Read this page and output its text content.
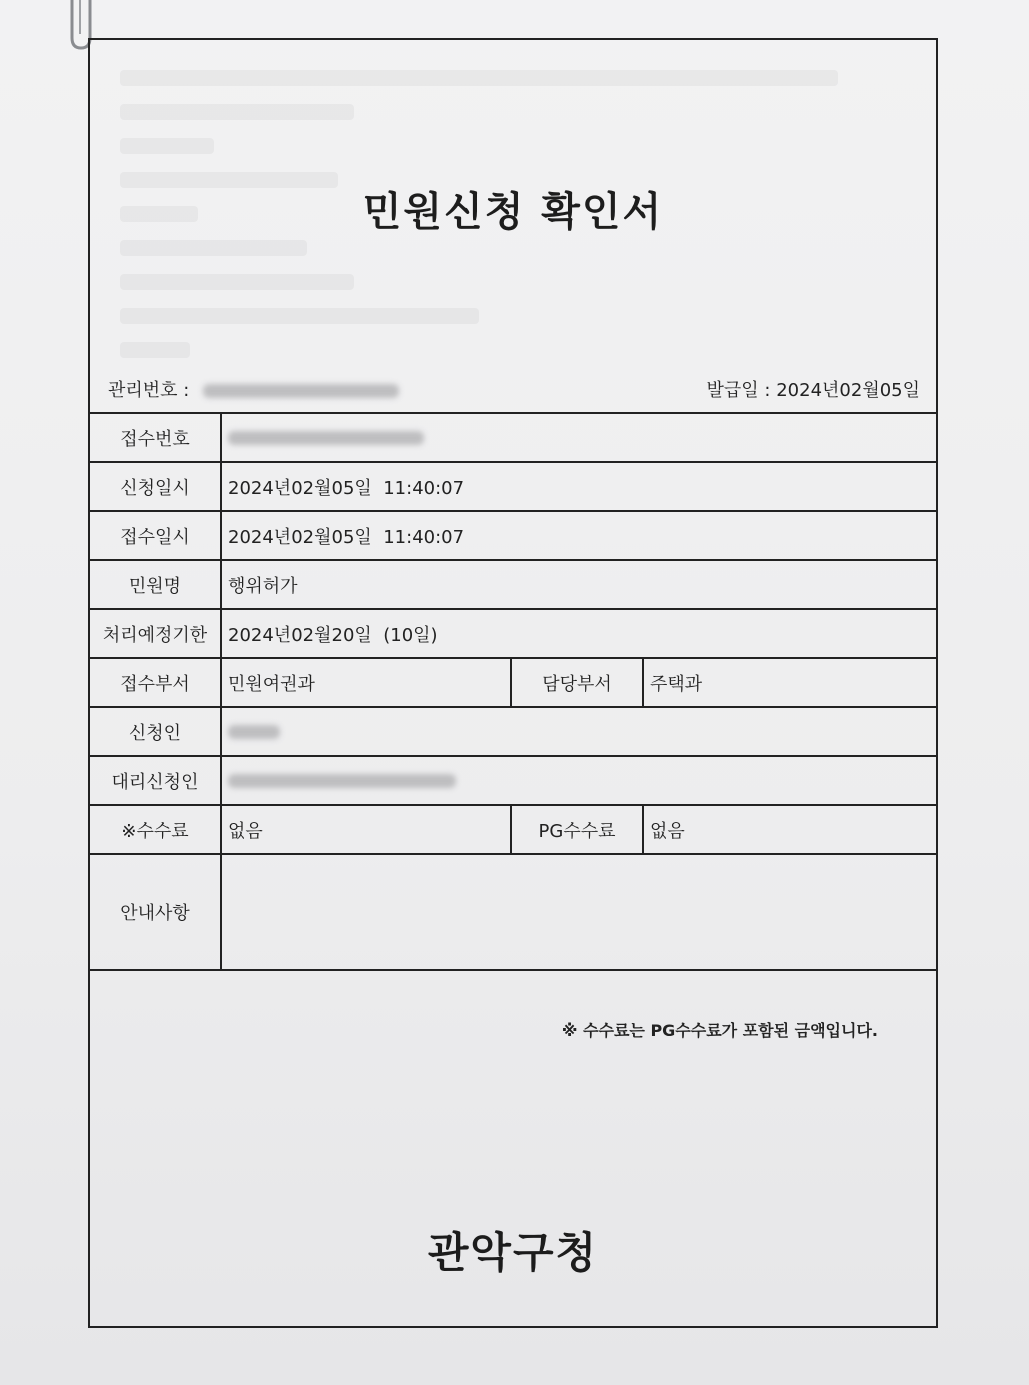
민원신청 확인서
관리번호 :	발급일 : 2024년02월05일
접수번호			
신청일시	2024년02월05일  11:40:07		
접수일시	2024년02월05일  11:40:07		
민원명	행위허가		
처리예정기한	2024년02월20일  (10일)		
접수부서	민원여권과	담당부서	주택과
신청인			
대리신청인			
※수수료	없음	PG수수료	없음
안내사항			
※ 수수료는 PG수수료가 포함된 금액입니다.
관악구청
